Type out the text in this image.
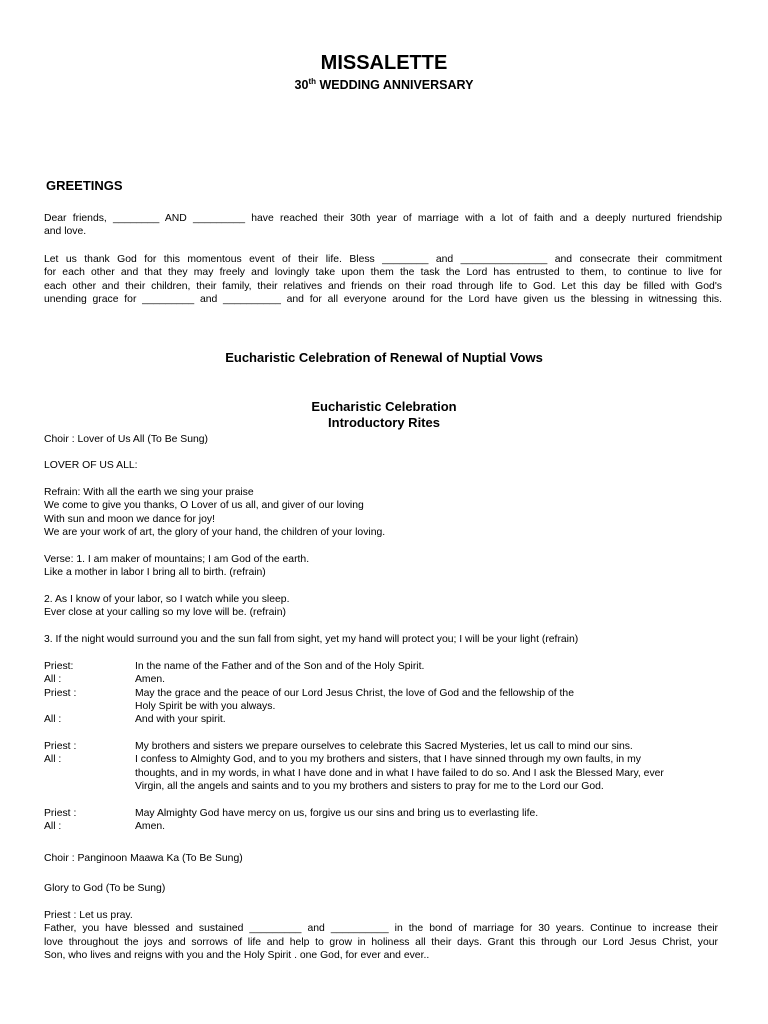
MISSALETTE
30th WEDDING ANNIVERSARY
GREETINGS
Dear friends, ________ AND _________ have reached their 30th year of marriage with a lot of faith and a deeply nurtured friendship
and love.
Let us thank God for this momentous event of their life. Bless ________ and _______________ and consecrate their commitment
for each other and that they may freely and lovingly take upon them the task the Lord has entrusted to them, to continue to live for
each other and their children, their family, their relatives and friends on their road through life to God. Let this day be filled with God's
unending grace for _________ and __________ and for all everyone around for the Lord have given us the blessing in witnessing this.
Eucharistic Celebration of Renewal of Nuptial Vows
Eucharistic Celebration
Introductory Rites
Choir : Lover of Us All (To Be Sung)
LOVER OF US ALL:
Refrain: With all the earth we sing your praise
We come to give you thanks, O Lover of us all, and giver of our loving
With sun and moon we dance for joy!
We are your work of art, the glory of your hand, the children of your loving.
Verse: 1. I am maker of mountains; I am God of the earth.
Like a mother in labor I bring all to birth. (refrain)
2. As I know of your labor, so I watch while you sleep.
Ever close at your calling so my love will be. (refrain)
3. If the night would surround you and the sun fall from sight, yet my hand will protect you; I will be your light (refrain)
Priest:	In the name of the Father and of the Son and of the Holy Spirit.
All :	Amen.
Priest :	May the grace and the peace of our Lord Jesus Christ, the love of God and the fellowship of the
Holy Spirit be with you always.
All :	And with your spirit.
Priest :	My brothers and sisters we prepare ourselves to celebrate this Sacred Mysteries, let us call to mind our sins.
All :	I confess to Almighty God, and to you my brothers and sisters, that I have sinned through my own faults, in my
thoughts, and in my words, in what I have done and in what I have failed to do so. And I ask the Blessed Mary, ever
Virgin, all the angels and saints and to you my brothers and sisters to pray for me to the Lord our God.
Priest :	May Almighty God have mercy on us, forgive us our sins and bring us to everlasting life.
All :	Amen.
Choir : Panginoon Maawa Ka (To Be Sung)
Glory to God (To be Sung)
Priest : Let us pray.
Father, you have blessed and sustained _________ and __________ in the bond of marriage for 30 years. Continue to increase their
love throughout the joys and sorrows of life and help to grow in holiness all their days. Grant this through our Lord Jesus Christ, your
Son, who lives and reigns with you and the Holy Spirit . one God, for ever and ever..
